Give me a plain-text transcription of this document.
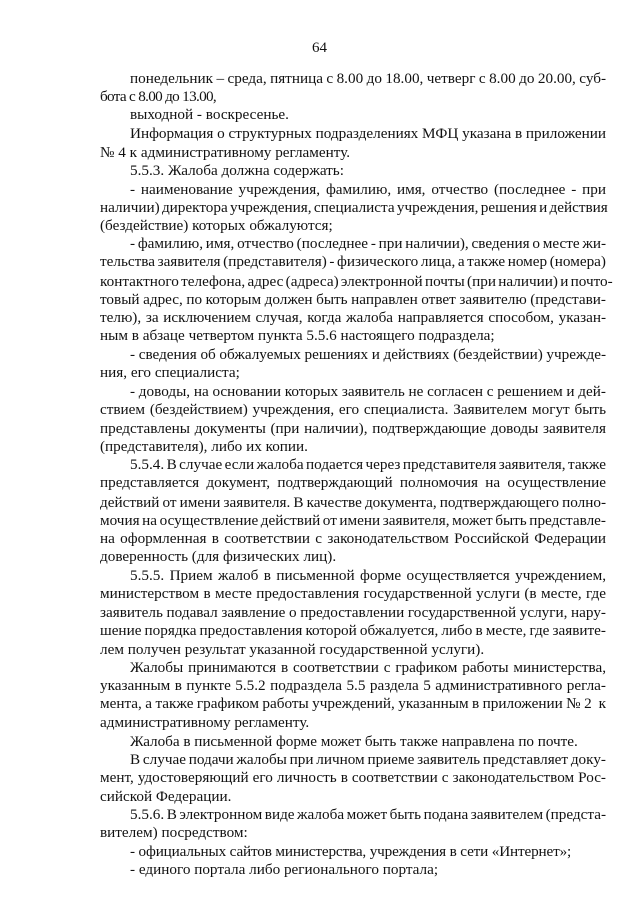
64
понедельник – среда, пятница с 8.00 до 18.00, четверг с 8.00 до 20.00, суб-
бота с 8.00 до 13.00,
выходной - воскресенье.
Информация о структурных подразделениях МФЦ указана в приложении
№ 4 к административному регламенту.
5.5.3. Жалоба должна содержать:
- наименование учреждения, фамилию, имя, отчество (последнее - при
наличии) директора учреждения, специалиста учреждения, решения и действия
(бездействие) которых обжалуются;
- фамилию, имя, отчество (последнее - при наличии), сведения о месте жи-
тельства заявителя (представителя) - физического лица, а также номер (номера)
контактного телефона, адрес (адреса) электронной почты (при наличии) и почто-
товый адрес, по которым должен быть направлен ответ заявителю (представи-
телю), за исключением случая, когда жалоба направляется способом, указан-
ным в абзаце четвертом пункта 5.5.6 настоящего подраздела;
- сведения об обжалуемых решениях и действиях (бездействии) учрежде-
ния, его специалиста;
- доводы, на основании которых заявитель не согласен с решением и дей-
ствием (бездействием) учреждения, его специалиста. Заявителем могут быть
представлены документы (при наличии), подтверждающие доводы заявителя
(представителя), либо их копии.
5.5.4. В случае если жалоба подается через представителя заявителя, также
представляется документ, подтверждающий полномочия на осуществление
действий от имени заявителя. В качестве документа, подтверждающего полно-
мочия на осуществление действий от имени заявителя, может быть представле-
на оформленная в соответствии с законодательством Российской Федерации
доверенность (для физических лиц).
5.5.5. Прием жалоб в письменной форме осуществляется учреждением,
министерством в месте предоставления государственной услуги (в месте, где
заявитель подавал заявление о предоставлении государственной услуги, нару-
шение порядка предоставления которой обжалуется, либо в месте, где заявите-
лем получен результат указанной государственной услуги).
Жалобы принимаются в соответствии с графиком работы министерства,
указанным в пункте 5.5.2 подраздела 5.5 раздела 5 административного регла-
мента, а также графиком работы учреждений, указанным в приложении № 2  к
административному регламенту.
Жалоба в письменной форме может быть также направлена по почте.
В случае подачи жалобы при личном приеме заявитель представляет доку-
мент, удостоверяющий его личность в соответствии с законодательством Рос-
сийской Федерации.
5.5.6. В электронном виде жалоба может быть подана заявителем (предста-
вителем) посредством:
- официальных сайтов министерства, учреждения в сети «Интернет»;
- единого портала либо регионального портала;
